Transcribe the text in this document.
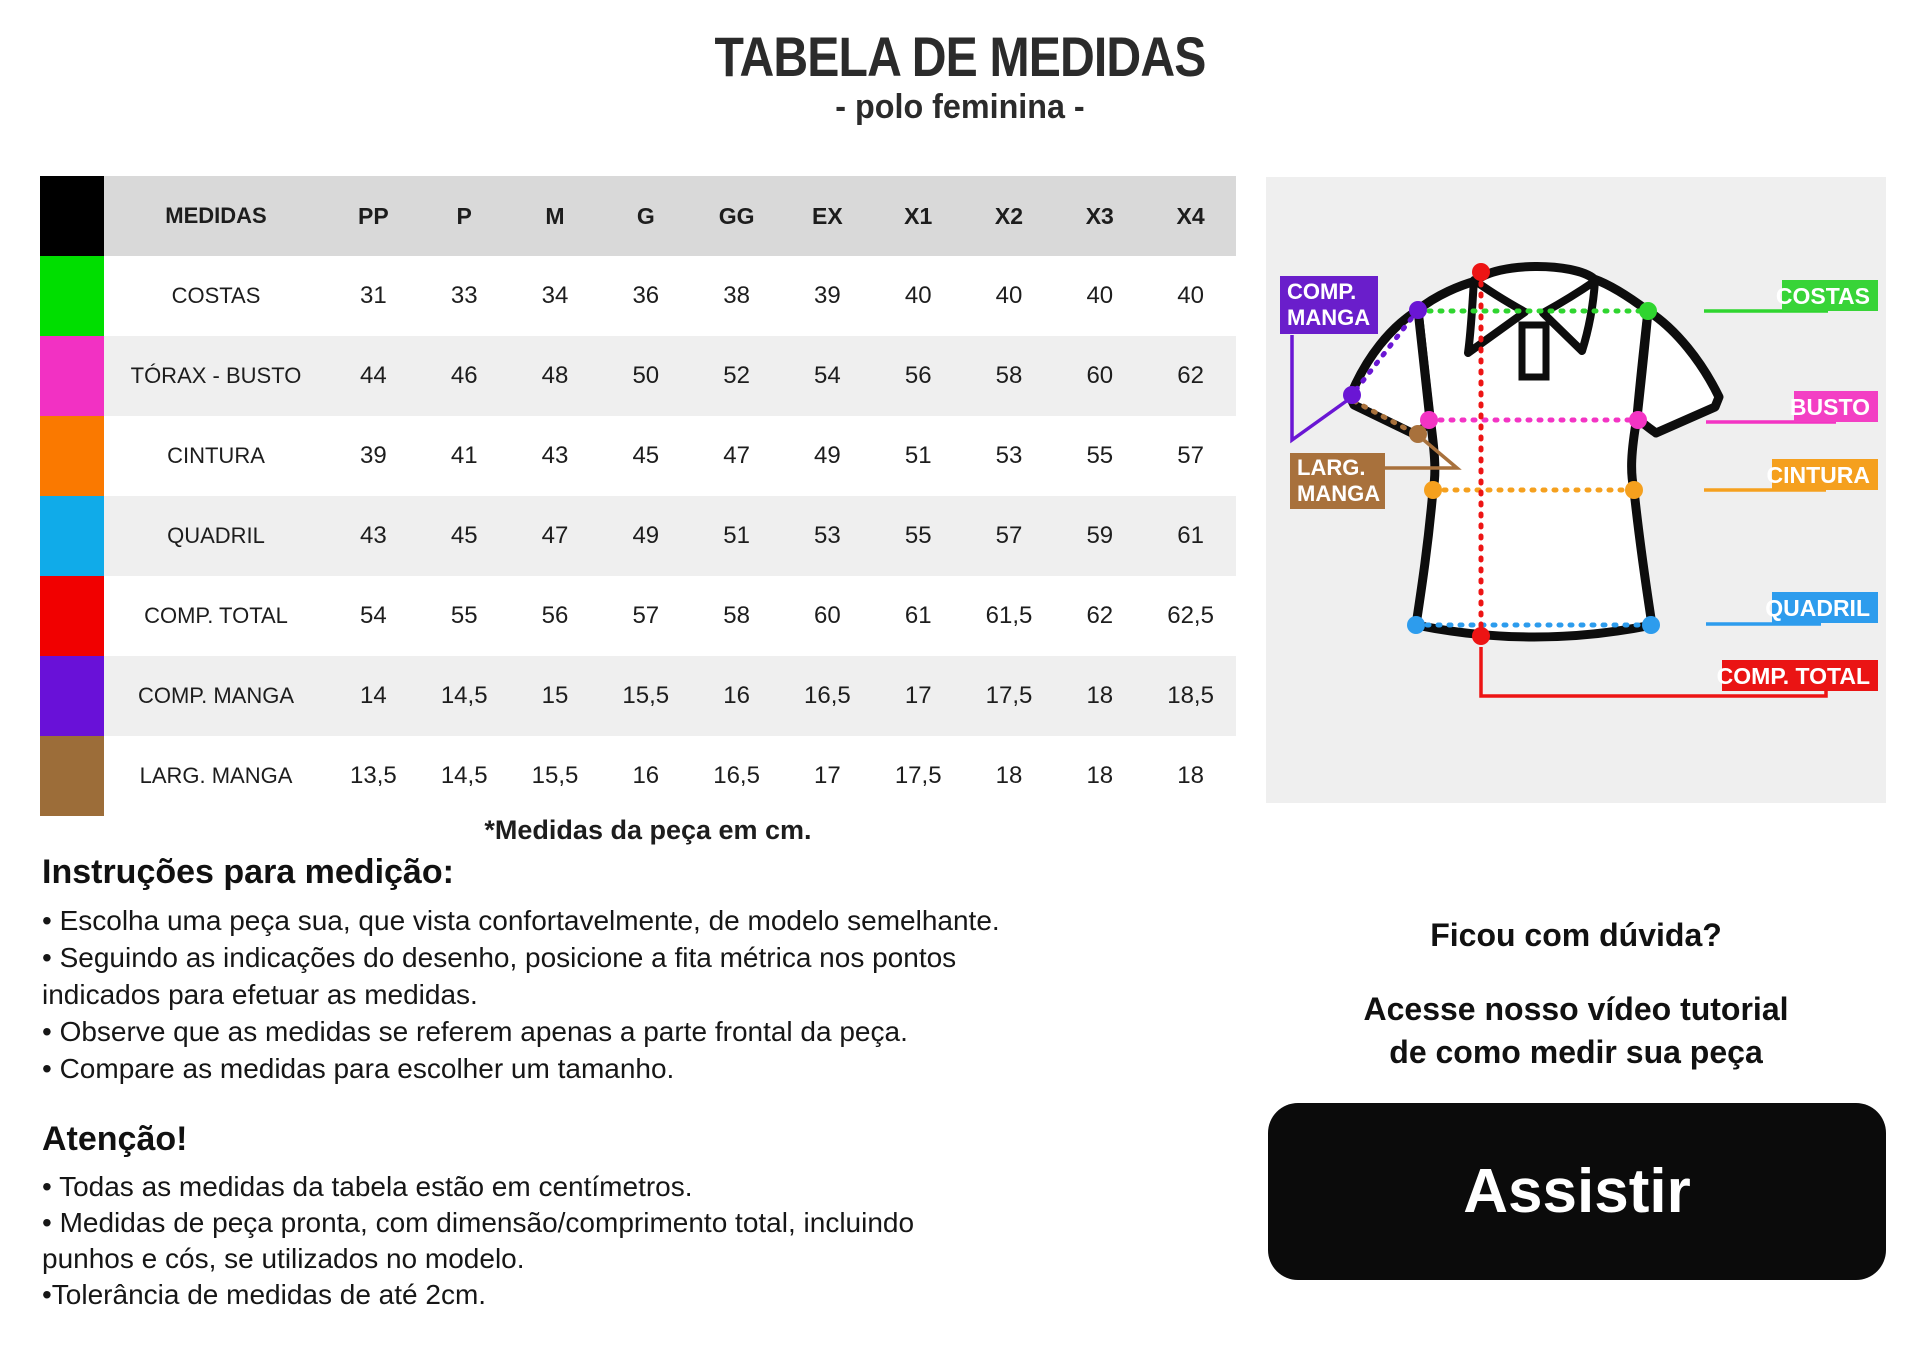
TABELA DE MEDIDAS
- polo feminina -
MEDIDAS	PP	P	M	G	GG	EX	X1	X2	X3	X4
COSTAS	31	33	34	36	38	39	40	40	40	40
TÓRAX - BUSTO	44	46	48	50	52	54	56	58	60	62
CINTURA	39	41	43	45	47	49	51	53	55	57
QUADRIL	43	45	47	49	51	53	55	57	59	61
COMP. TOTAL	54	55	56	57	58	60	61	61,5	62	62,5
COMP. MANGA	14	14,5	15	15,5	16	16,5	17	17,5	18	18,5
LARG. MANGA	13,5	14,5	15,5	16	16,5	17	17,5	18	18	18
*Medidas da peça em cm.
Instruções para medição:
• Escolha uma peça sua, que vista confortavelmente, de modelo semelhante.
• Seguindo as indicações do desenho, posicione a fita métrica nos pontos
indicados para efetuar as medidas.
• Observe que as medidas se referem apenas a parte frontal da peça.
• Compare as medidas para escolher um tamanho.
Atenção!
• Todas as medidas da tabela estão em centímetros.
• Medidas de peça pronta, com dimensão/comprimento total, incluindo
punhos e cós, se utilizados no modelo.
•Tolerância de medidas de até 2cm.
COSTAS
BUSTO
CINTURA
QUADRIL
COMP. TOTAL
COMP.
MANGA
LARG.
MANGA
Ficou com dúvida?
Acesse nosso vídeo tutorial
de como medir sua peça
Assistir
